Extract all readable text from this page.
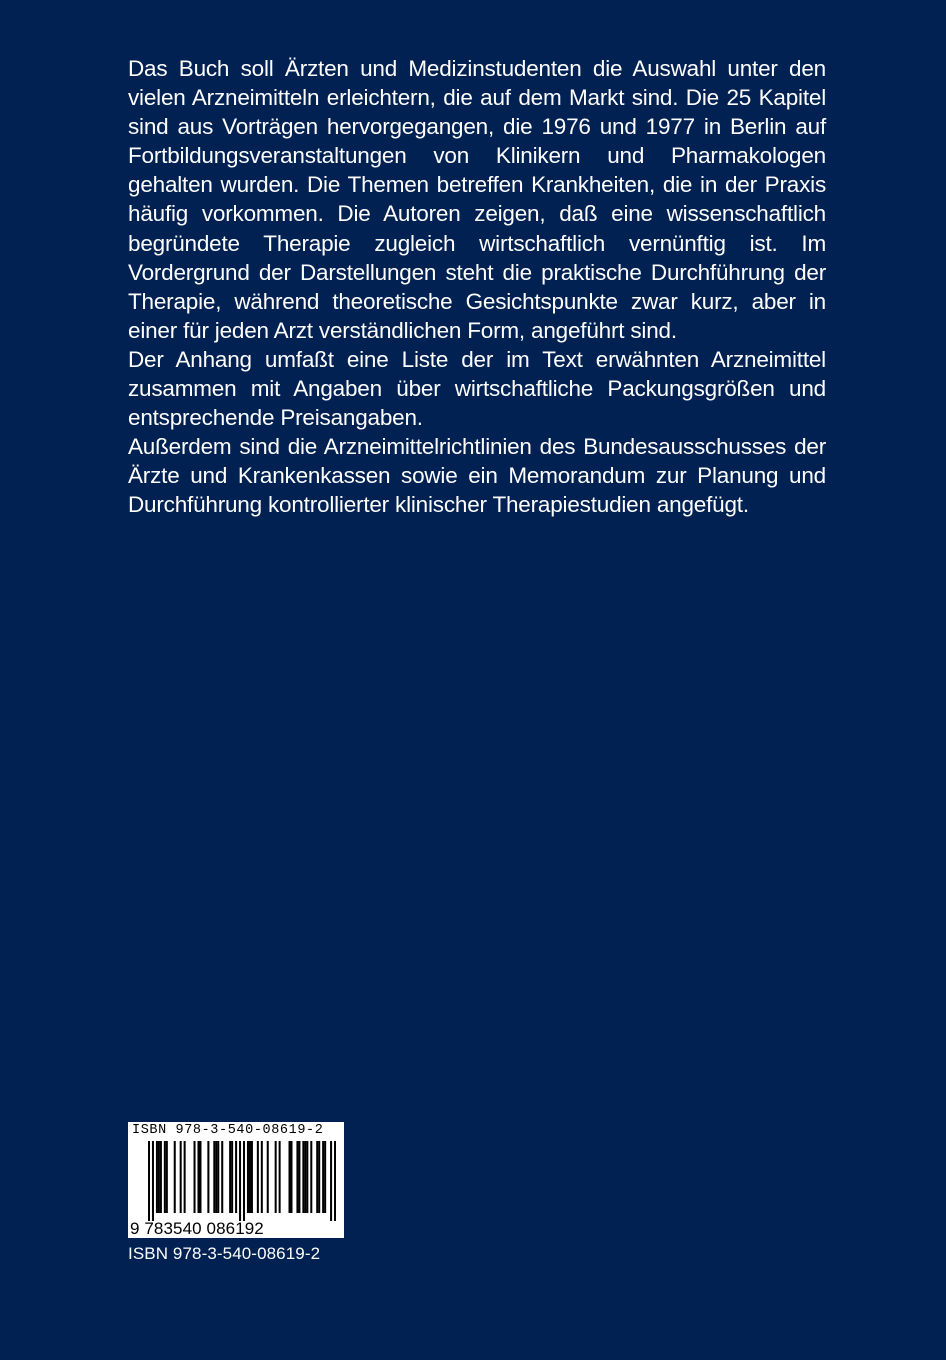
Das Buch soll Ärzten und Medizinstudenten die Auswahl unter den vielen Arzneimitteln erleichtern, die auf dem Markt sind. Die 25 Kapitel sind aus Vorträgen hervorgegangen, die 1976 und 1977 in Berlin auf Fortbildungsveranstaltungen von Klinikern und Pharmakologen gehalten wurden. Die Themen betreffen Krankheiten, die in der Praxis häufig vorkommen. Die Autoren zeigen, daß eine wissenschaftlich begründete Therapie zugleich wirtschaftlich vernünftig ist. Im Vordergrund der Darstellungen steht die praktische Durchführung der Therapie, während theoretische Gesichtspunkte zwar kurz, aber in einer für jeden Arzt verständlichen Form, angeführt sind.

Der Anhang umfaßt eine Liste der im Text erwähnten Arzneimittel zusammen mit Angaben über wirtschaftliche Packungsgrößen und entsprechende Preisangaben.

Außerdem sind die Arzneimittelrichtlinien des Bundesausschusses der Ärzte und Krankenkassen sowie ein Memorandum zur Planung und Durchführung kontrollierter klinischer Therapiestudien angefügt.

ISBN 978-3-540-08619-2
9 783540 086192
ISBN 978-3-540-08619-2
